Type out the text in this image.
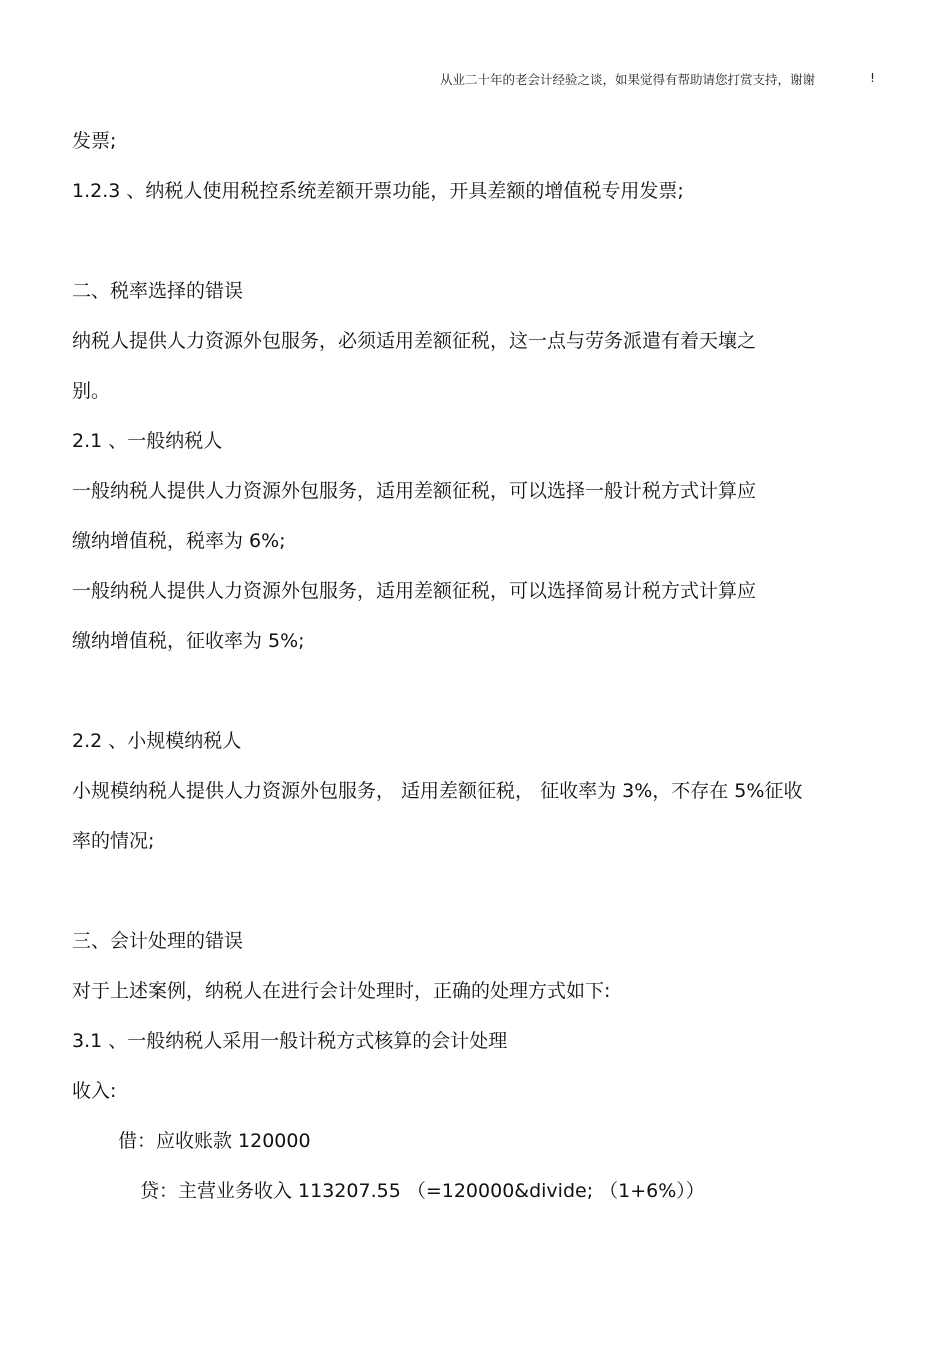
从业二十年的老会计经验之谈，如果觉得有帮助请您打赏支持，谢谢	!
发票;
1.2.3 、纳税人使用税控系统差额开票功能，开具差额的增值税专用发票;
二、税率选择的错误
纳税人提供人力资源外包服务，必须适用差额征税，这一点与劳务派遣有着天壤之
别。
2.1 、一般纳税人
一般纳税人提供人力资源外包服务，适用差额征税，可以选择一般计税方式计算应
缴纳增值税，税率为 6%;
一般纳税人提供人力资源外包服务，适用差额征税，可以选择简易计税方式计算应
缴纳增值税，征收率为 5%;
2.2 、小规模纳税人
小规模纳税人提供人力资源外包服务， 适用差额征税， 征收率为 3%，不存在 5%征收
率的情况;
三、会计处理的错误
对于上述案例，纳税人在进行会计处理时，正确的处理方式如下:
3.1 、一般纳税人采用一般计税方式核算的会计处理
收入:
借：应收账款 120000
贷：主营业务收入 113207.55 （=120000&divide; （1+6%））
